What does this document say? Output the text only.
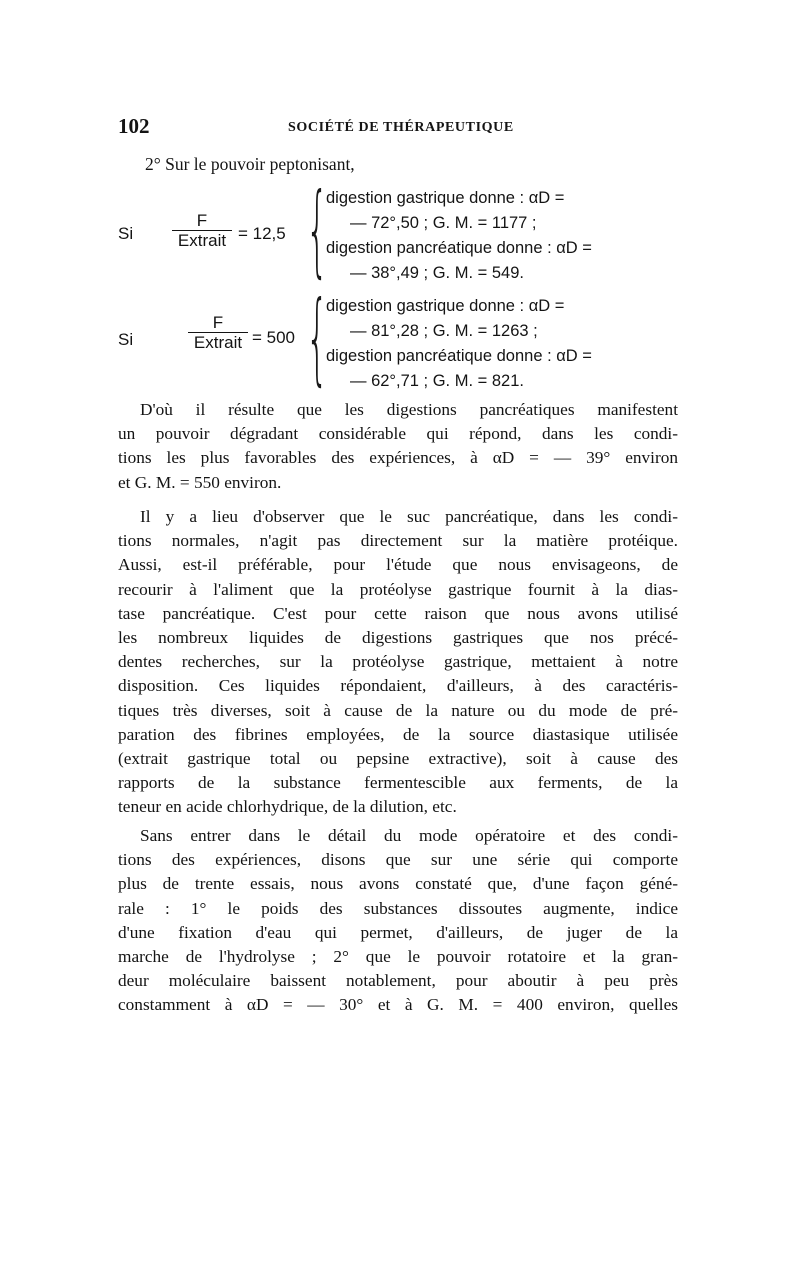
102	SOCIÉTÉ DE THÉRAPEUTIQUE
2° Sur le pouvoir peptonisant,
Si
F
Extrait = 12,5 {
digestion gastrique donne : αD =
— 72°,50 ; G. M. = 1177 ;
digestion pancréatique donne : αD =
— 38°,49 ; G. M. = 549.
Si
F
Extrait = 500 {
digestion gastrique donne : αD =
— 81°,28 ; G. M. = 1263 ;
digestion pancréatique donne : αD =
— 62°,71 ; G. M. = 821.
D'où il résulte que les digestions pancréatiques manifestent
un pouvoir dégradant considérable qui répond, dans les condi-
tions les plus favorables des expériences, à αD = — 39° environ
et G. M. = 550 environ.
Il y a lieu d'observer que le suc pancréatique, dans les condi-
tions normales, n'agit pas directement sur la matière protéique.
Aussi, est-il préférable, pour l'étude que nous envisageons, de
recourir à l'aliment que la protéolyse gastrique fournit à la dias-
tase pancréatique. C'est pour cette raison que nous avons utilisé
les nombreux liquides de digestions gastriques que nos précé-
dentes recherches, sur la protéolyse gastrique, mettaient à notre
disposition. Ces liquides répondaient, d'ailleurs, à des caractéris-
tiques très diverses, soit à cause de la nature ou du mode de pré-
paration des fibrines employées, de la source diastasique utilisée
(extrait gastrique total ou pepsine extractive), soit à cause des
rapports de la substance fermentescible aux ferments, de la
teneur en acide chlorhydrique, de la dilution, etc.
Sans entrer dans le détail du mode opératoire et des condi-
tions des expériences, disons que sur une série qui comporte
plus de trente essais, nous avons constaté que, d'une façon géné-
rale : 1° le poids des substances dissoutes augmente, indice
d'une fixation d'eau qui permet, d'ailleurs, de juger de la
marche de l'hydrolyse ; 2° que le pouvoir rotatoire et la gran-
deur moléculaire baissent notablement, pour aboutir à peu près
constamment à αD = — 30° et à G. M. = 400 environ, quelles
